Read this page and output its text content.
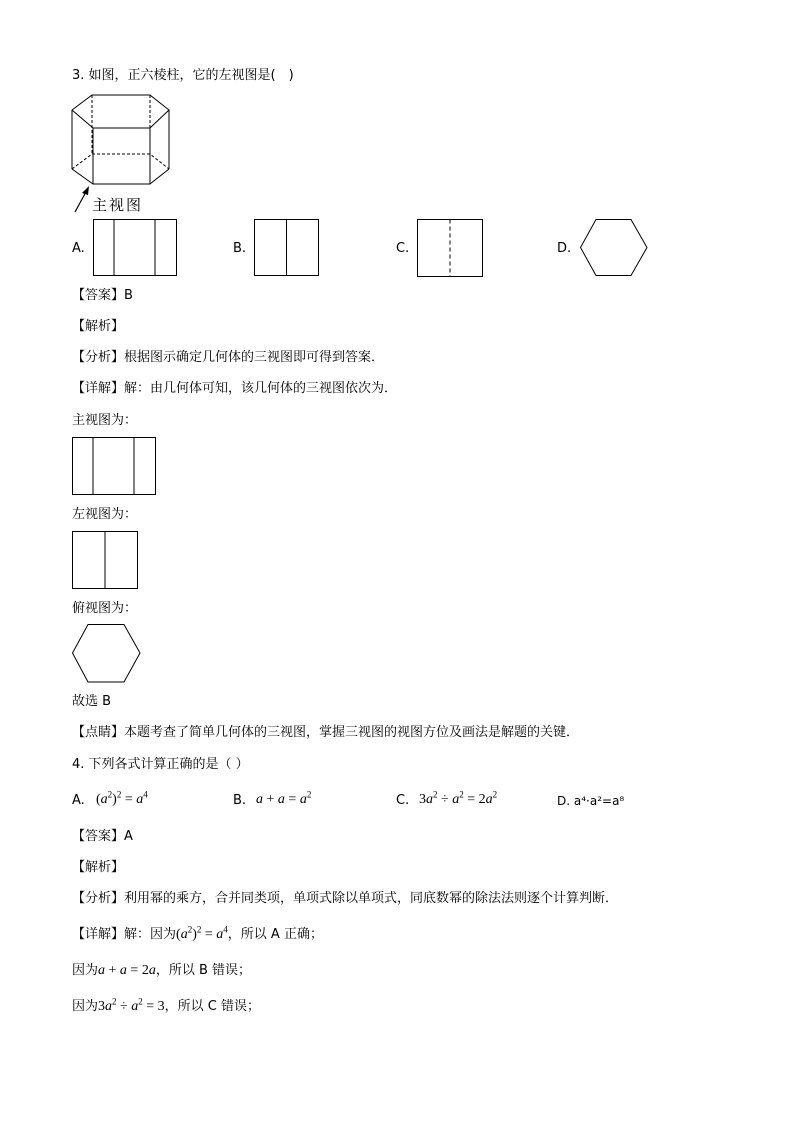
3. 如图，正六棱柱，它的左视图是(　)
主视图
A.	B.	C.	D.
【答案】B
【解析】
【分析】根据图示确定几何体的三视图即可得到答案．
【详解】解：由几何体可知，该几何体的三视图依次为．
主视图为：
左视图为：
俯视图为：
故选 B
【点睛】本题考查了简单几何体的三视图，掌握三视图的视图方位及画法是解题的关键．
4. 下列各式计算正确的是（ ）
A. $(a^2)^2 = a^4$	B. $a + a = a^2$	C. $3a^2 \div a^2 = 2a^2$	D. a⁴·a²=a⁸
【答案】A
【解析】
【分析】利用幂的乘方，合并同类项，单项式除以单项式，同底数幂的除法法则逐个计算判断．
【详解】解：因为$(a^2)^2 = a^4$，所以 A 正确；
因为a + a = 2a，所以 B 错误；
因为$3a^2 \div a^2 = 3$，所以 C 错误；
